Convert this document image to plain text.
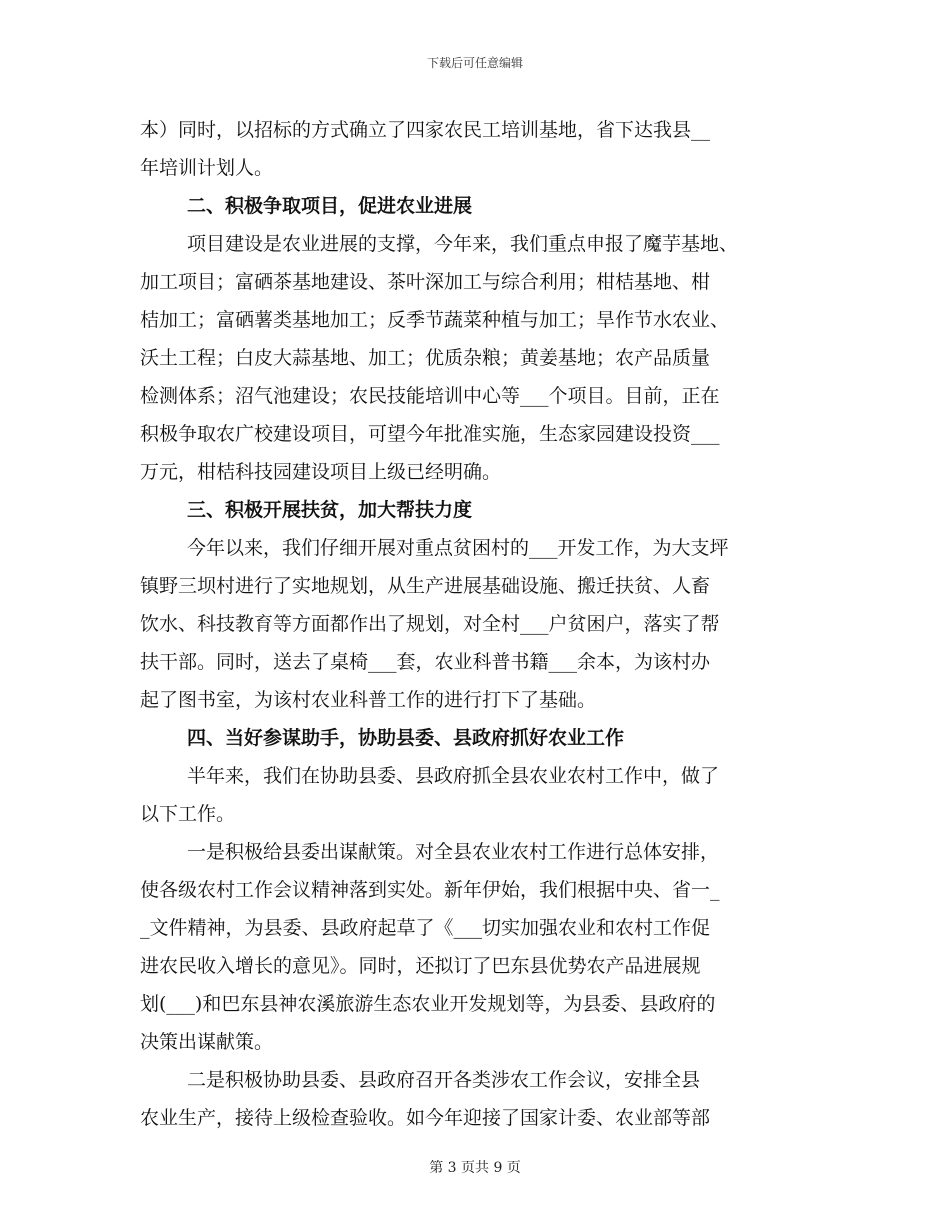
下载后可任意编辑
本）同时，以招标的方式确立了四家农民工培训基地，省下达我县__
年培训计划人。
二、积极争取项目，促进农业进展
项目建设是农业进展的支撑，今年来，我们重点申报了魔芋基地、
加工项目；富硒茶基地建设、茶叶深加工与综合利用；柑桔基地、柑
桔加工；富硒薯类基地加工；反季节蔬菜种植与加工；旱作节水农业、
沃土工程；白皮大蒜基地、加工；优质杂粮；黄姜基地；农产品质量
检测体系；沼气池建设；农民技能培训中心等___个项目。目前，正在
积极争取农广校建设项目，可望今年批准实施，生态家园建设投资___
万元，柑桔科技园建设项目上级已经明确。
三、积极开展扶贫，加大帮扶力度
今年以来，我们仔细开展对重点贫困村的___开发工作，为大支坪
镇野三坝村进行了实地规划，从生产进展基础设施、搬迁扶贫、人畜
饮水、科技教育等方面都作出了规划，对全村___户贫困户，落实了帮
扶干部。同时，送去了桌椅___套，农业科普书籍___余本，为该村办
起了图书室，为该村农业科普工作的进行打下了基础。
四、当好参谋助手，协助县委、县政府抓好农业工作
半年来，我们在协助县委、县政府抓全县农业农村工作中，做了
以下工作。
一是积极给县委出谋献策。对全县农业农村工作进行总体安排，
使各级农村工作会议精神落到实处。新年伊始，我们根据中央、省一_
_文件精神，为县委、县政府起草了《___切实加强农业和农村工作促
进农民收入增长的意见》。同时，还拟订了巴东县优势农产品进展规
划(___)和巴东县神农溪旅游生态农业开发规划等，为县委、县政府的
决策出谋献策。
二是积极协助县委、县政府召开各类涉农工作会议，安排全县
农业生产，接待上级检查验收。如今年迎接了国家计委、农业部等部
第 3 页共 9 页
